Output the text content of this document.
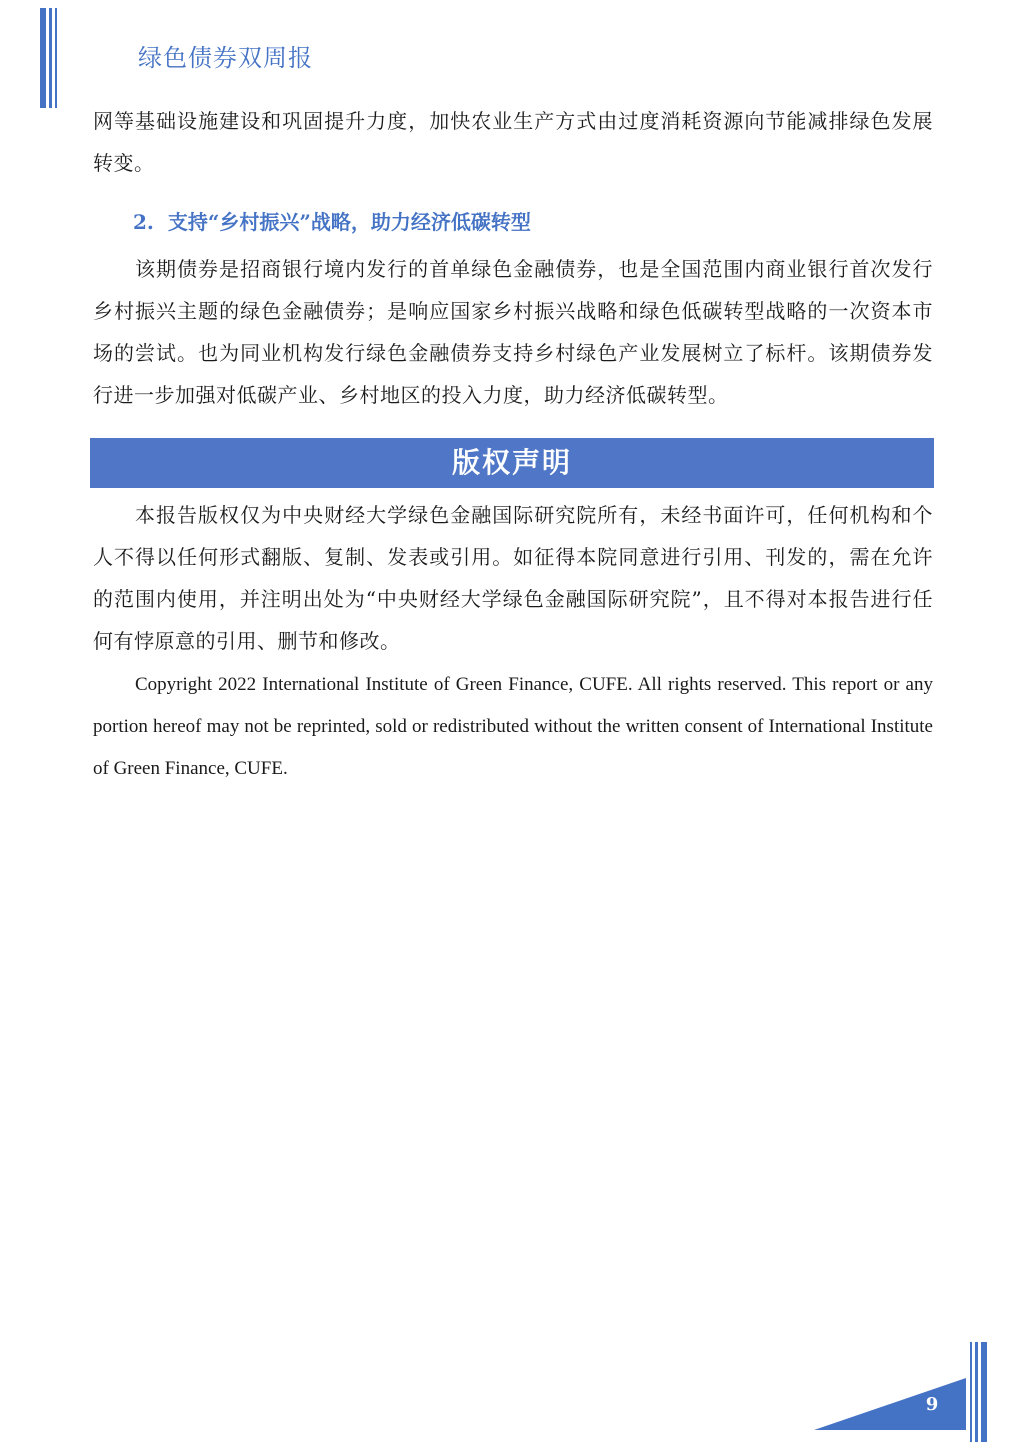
绿色债券双周报

网等基础设施建设和巩固提升力度，加快农业生产方式由过度消耗资源向节能减排绿色发展转变。

2. 支持“乡村振兴”战略，助力经济低碳转型

该期债券是招商银行境内发行的首单绿色金融债券，也是全国范围内商业银行首次发行乡村振兴主题的绿色金融债券；是响应国家乡村振兴战略和绿色低碳转型战略的一次资本市场的尝试。也为同业机构发行绿色金融债券支持乡村绿色产业发展树立了标杆。该期债券发行进一步加强对低碳产业、乡村地区的投入力度，助力经济低碳转型。

版权声明

本报告版权仅为中央财经大学绿色金融国际研究院所有，未经书面许可，任何机构和个人不得以任何形式翻版、复制、发表或引用。如征得本院同意进行引用、刊发的，需在允许的范围内使用，并注明出处为“中央财经大学绿色金融国际研究院”，且不得对本报告进行任何有悖原意的引用、删节和修改。

Copyright 2022 International Institute of Green Finance, CUFE. All rights reserved. This report or any portion hereof may not be reprinted, sold or redistributed without the written consent of International Institute of Green Finance, CUFE.

9
